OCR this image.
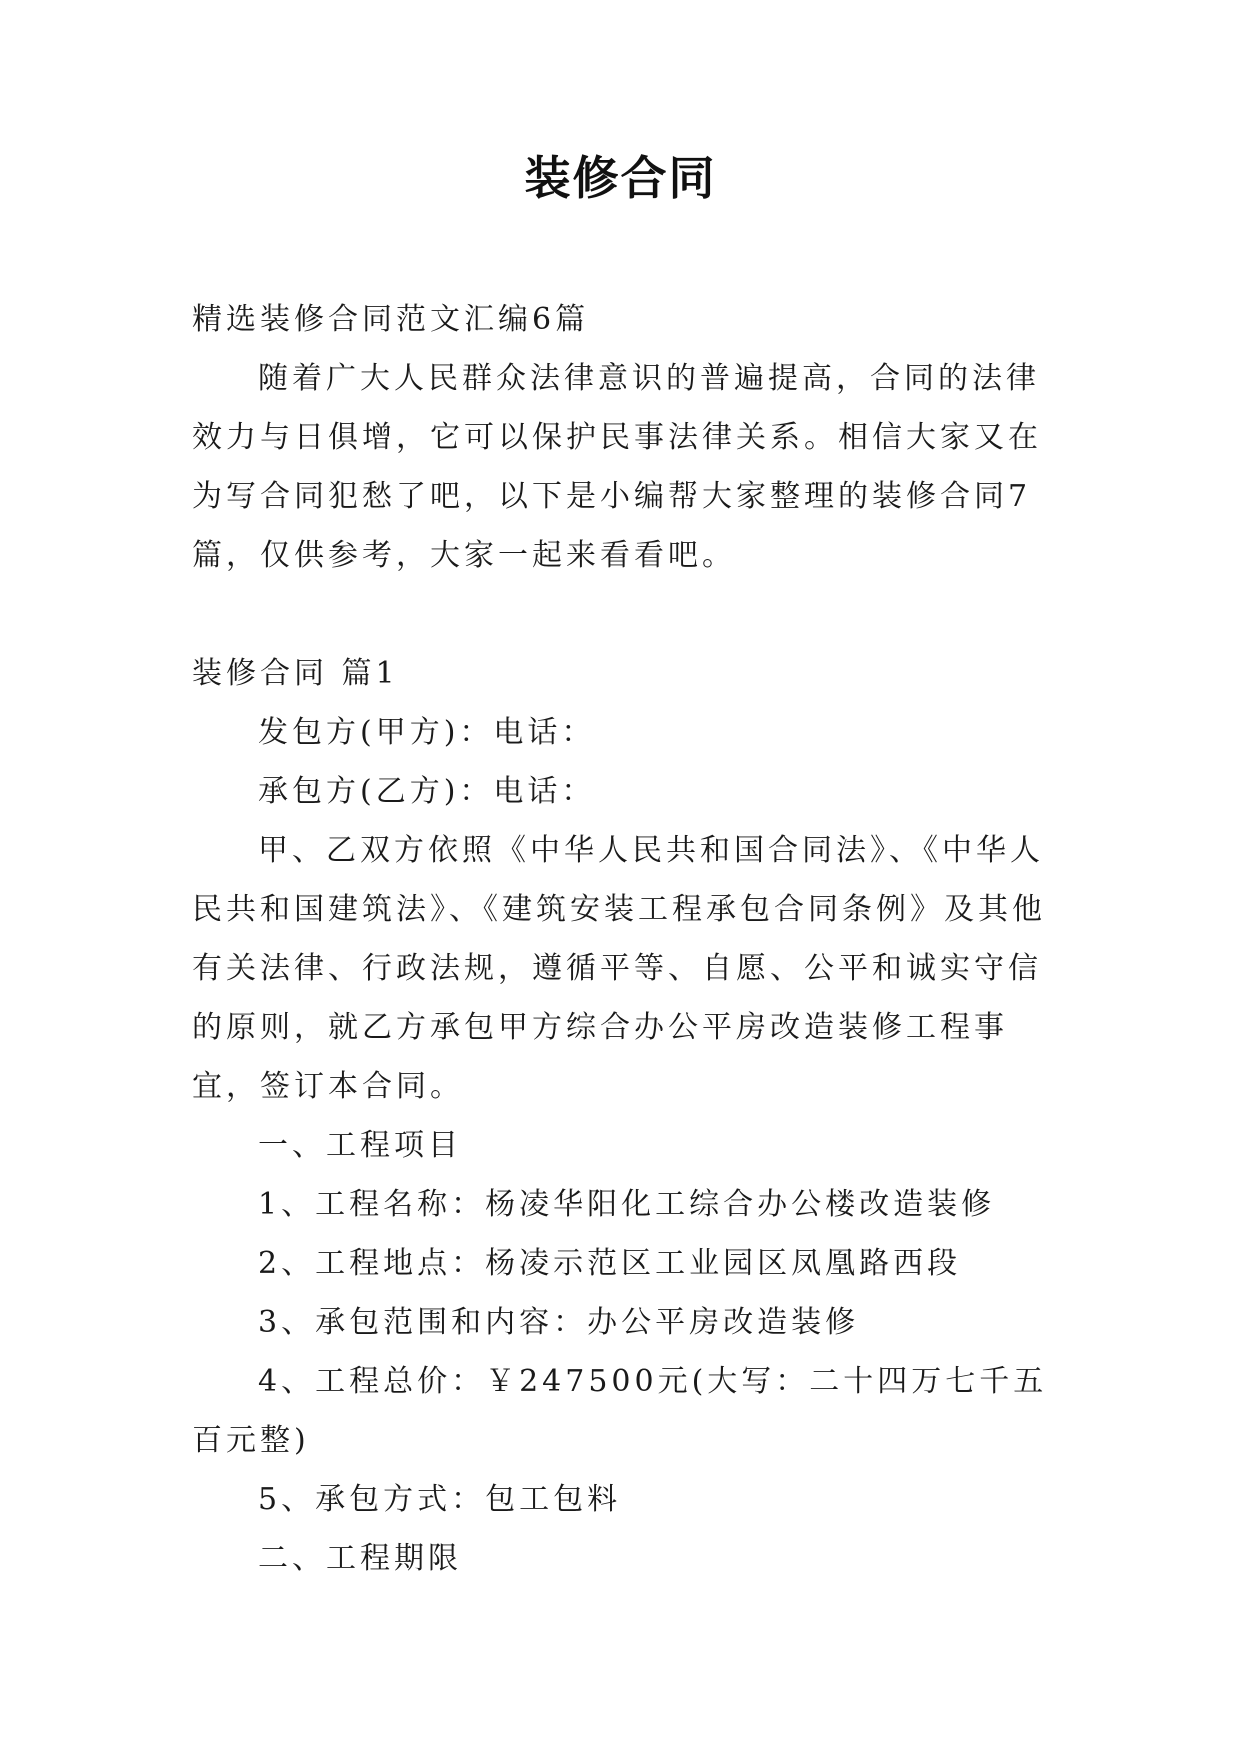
装修合同

精选装修合同范文汇编6篇

随着广大人民群众法律意识的普遍提高，合同的法律效力与日俱增，它可以保护民事法律关系。相信大家又在为写合同犯愁了吧，以下是小编帮大家整理的装修合同7篇，仅供参考，大家一起来看看吧。

装修合同 篇1

发包方(甲方)：电话：

承包方(乙方)：电话：

甲、乙双方依照《中华人民共和国合同法》、《中华人民共和国建筑法》、《建筑安装工程承包合同条例》及其他有关法律、行政法规，遵循平等、自愿、公平和诚实守信的原则，就乙方承包甲方综合办公平房改造装修工程事宜，签订本合同。

一、工程项目

1、工程名称：杨凌华阳化工综合办公楼改造装修

2、工程地点：杨凌示范区工业园区凤凰路西段

3、承包范围和内容：办公平房改造装修

4、工程总价：￥247500元(大写：二十四万七千五百元整)

5、承包方式：包工包料

二、工程期限
